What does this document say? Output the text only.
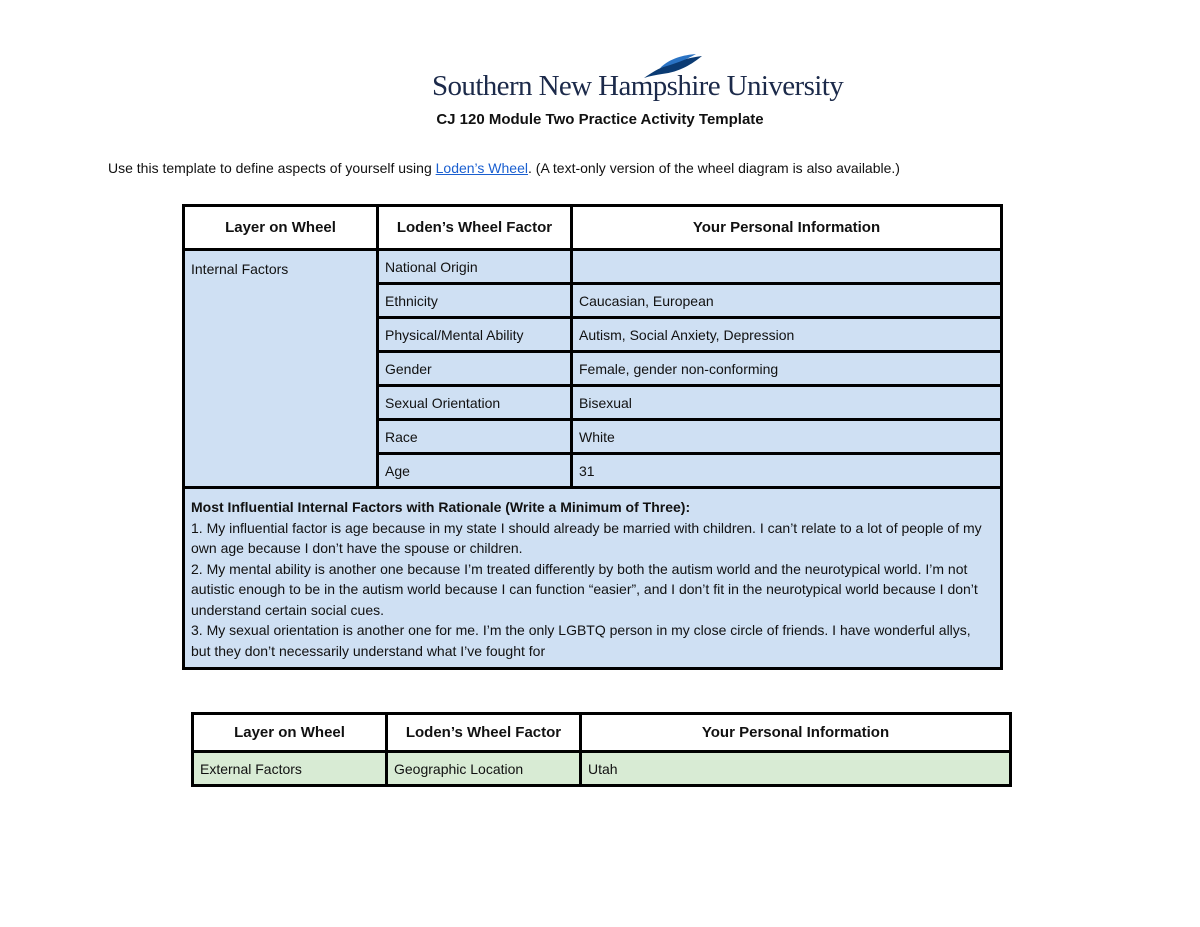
Southern New Hampshire University
CJ 120 Module Two Practice Activity Template
Use this template to define aspects of yourself using Loden’s Wheel. (A text-only version of the wheel diagram is also available.)
Layer on Wheel	Loden’s Wheel Factor	Your Personal Information
Internal Factors	National Origin	
	Ethnicity	Caucasian, European
	Physical/Mental Ability	Autism, Social Anxiety, Depression
	Gender	Female, gender non-conforming
	Sexual Orientation	Bisexual
	Race	White
	Age	31

Most Influential Internal Factors with Rationale (Write a Minimum of Three):
1. My influential factor is age because in my state I should already be married with children. I can’t relate to a lot of people of my own age because I don’t have the spouse or children.
2. My mental ability is another one because I’m treated differently by both the autism world and the neurotypical world. I’m not autistic enough to be in the autism world because I can function “easier”, and I don’t fit in the neurotypical world because I don’t understand certain social cues.
3. My sexual orientation is another one for me. I’m the only LGBTQ person in my close circle of friends. I have wonderful allys, but they don’t necessarily understand what I’ve fought for		
Layer on Wheel	Loden’s Wheel Factor	Your Personal Information
External Factors	Geographic Location	Utah
